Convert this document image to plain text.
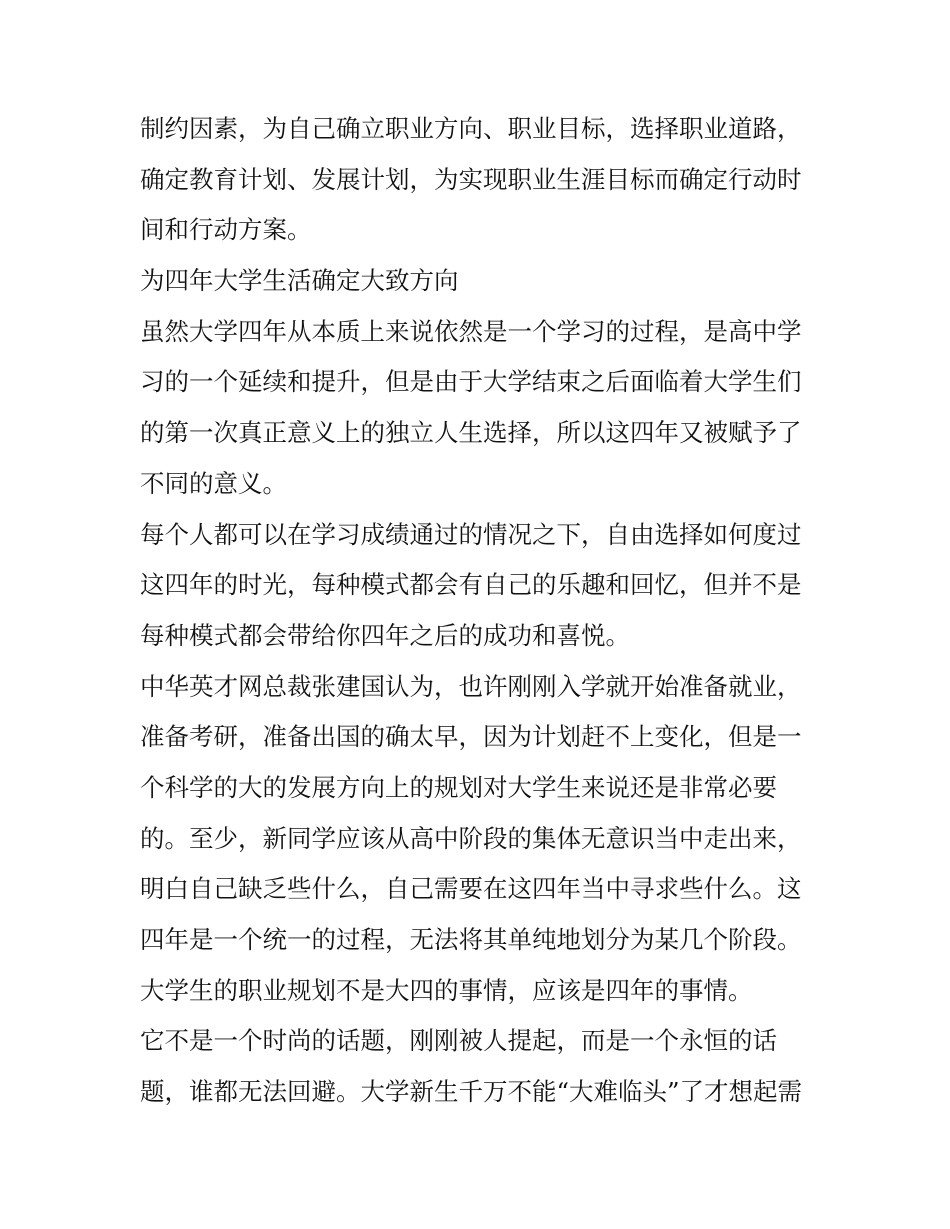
制约因素，为自己确立职业方向、职业目标，选择职业道路，
确定教育计划、发展计划，为实现职业生涯目标而确定行动时
间和行动方案。
为四年大学生活确定大致方向
虽然大学四年从本质上来说依然是一个学习的过程，是高中学
习的一个延续和提升，但是由于大学结束之后面临着大学生们
的第一次真正意义上的独立人生选择，所以这四年又被赋予了
不同的意义。
每个人都可以在学习成绩通过的情况之下，自由选择如何度过
这四年的时光，每种模式都会有自己的乐趣和回忆，但并不是
每种模式都会带给你四年之后的成功和喜悦。
中华英才网总裁张建国认为，也许刚刚入学就开始准备就业，
准备考研，准备出国的确太早，因为计划赶不上变化，但是一
个科学的大的发展方向上的规划对大学生来说还是非常必要
的。至少，新同学应该从高中阶段的集体无意识当中走出来，
明白自己缺乏些什么，自己需要在这四年当中寻求些什么。这
四年是一个统一的过程，无法将其单纯地划分为某几个阶段。
大学生的职业规划不是大四的事情，应该是四年的事情。
它不是一个时尚的话题，刚刚被人提起，而是一个永恒的话
题，谁都无法回避。大学新生千万不能“大难临头”了才想起需
